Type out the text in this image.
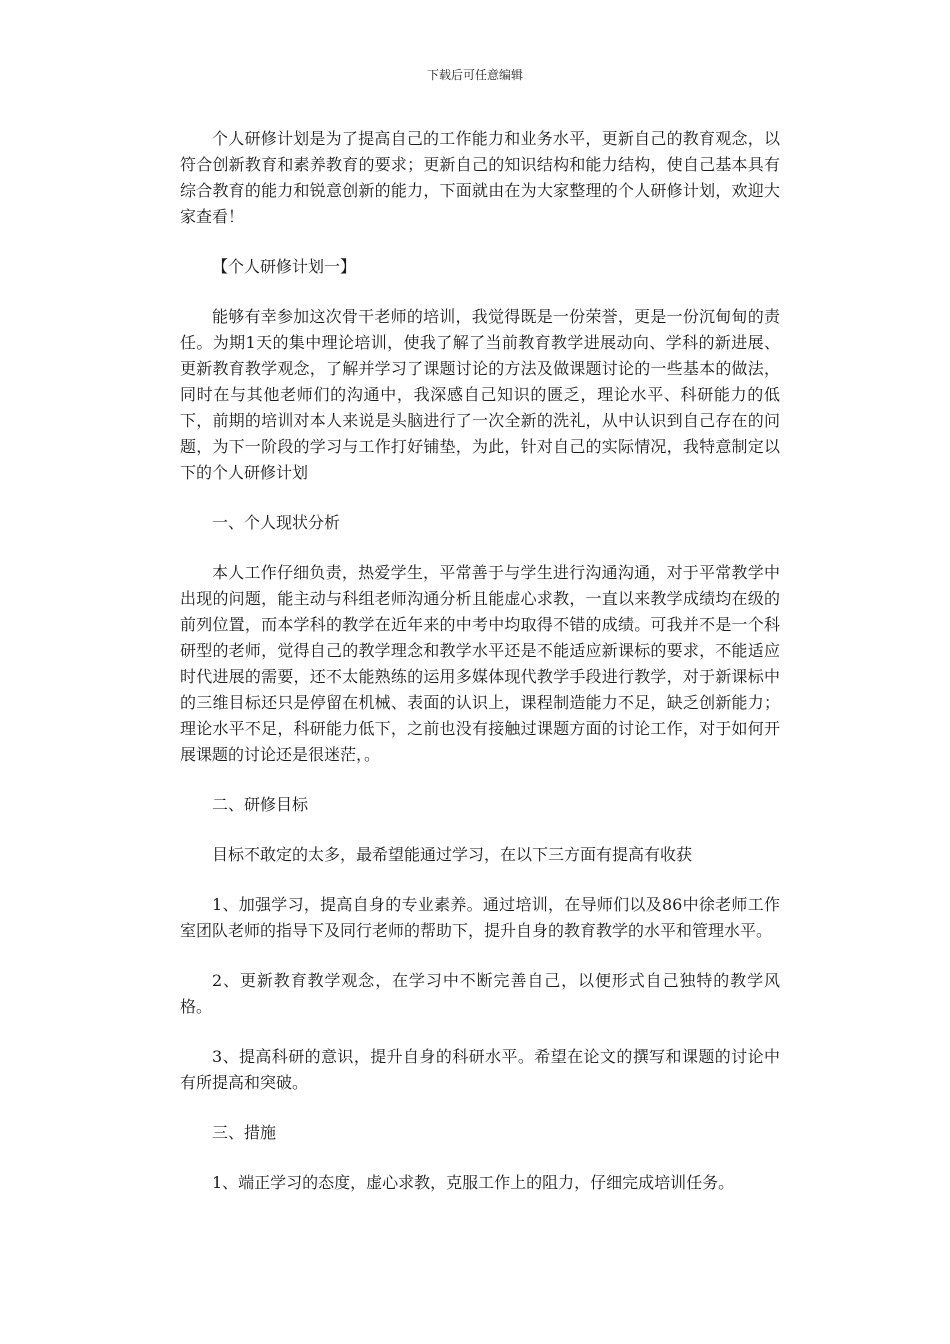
下载后可任意编辑

个人研修计划是为了提高自己的工作能力和业务水平，更新自己的教育观念，以符合创新教育和素养教育的要求；更新自己的知识结构和能力结构，使自己基本具有综合教育的能力和锐意创新的能力，下面就由在为大家整理的个人研修计划，欢迎大家查看！

【个人研修计划一】

能够有幸参加这次骨干老师的培训，我觉得既是一份荣誉，更是一份沉甸甸的责任。为期1天的集中理论培训，使我了解了当前教育教学进展动向、学科的新进展、更新教育教学观念，了解并学习了课题讨论的方法及做课题讨论的一些基本的做法，同时在与其他老师们的沟通中，我深感自己知识的匮乏，理论水平、科研能力的低下，前期的培训对本人来说是头脑进行了一次全新的洗礼，从中认识到自己存在的问题，为下一阶段的学习与工作打好铺垫，为此，针对自己的实际情况，我特意制定以下的个人研修计划

一、个人现状分析

本人工作仔细负责，热爱学生，平常善于与学生进行沟通沟通，对于平常教学中出现的问题，能主动与科组老师沟通分析且能虚心求教，一直以来教学成绩均在级的前列位置，而本学科的教学在近年来的中考中均取得不错的成绩。可我并不是一个科研型的老师，觉得自己的教学理念和教学水平还是不能适应新课标的要求，不能适应时代进展的需要，还不太能熟练的运用多媒体现代教学手段进行教学，对于新课标中的三维目标还只是停留在机械、表面的认识上，课程制造能力不足，缺乏创新能力；理论水平不足，科研能力低下，之前也没有接触过课题方面的讨论工作，对于如何开展课题的讨论还是很迷茫，。

二、研修目标

目标不敢定的太多，最希望能通过学习，在以下三方面有提高有收获

1、加强学习，提高自身的专业素养。通过培训，在导师们以及86中徐老师工作室团队老师的指导下及同行老师的帮助下，提升自身的教育教学的水平和管理水平。

2、更新教育教学观念，在学习中不断完善自己，以便形式自己独特的教学风格。

3、提高科研的意识，提升自身的科研水平。希望在论文的撰写和课题的讨论中有所提高和突破。

三、措施

1、端正学习的态度，虚心求教，克服工作上的阻力，仔细完成培训任务。
